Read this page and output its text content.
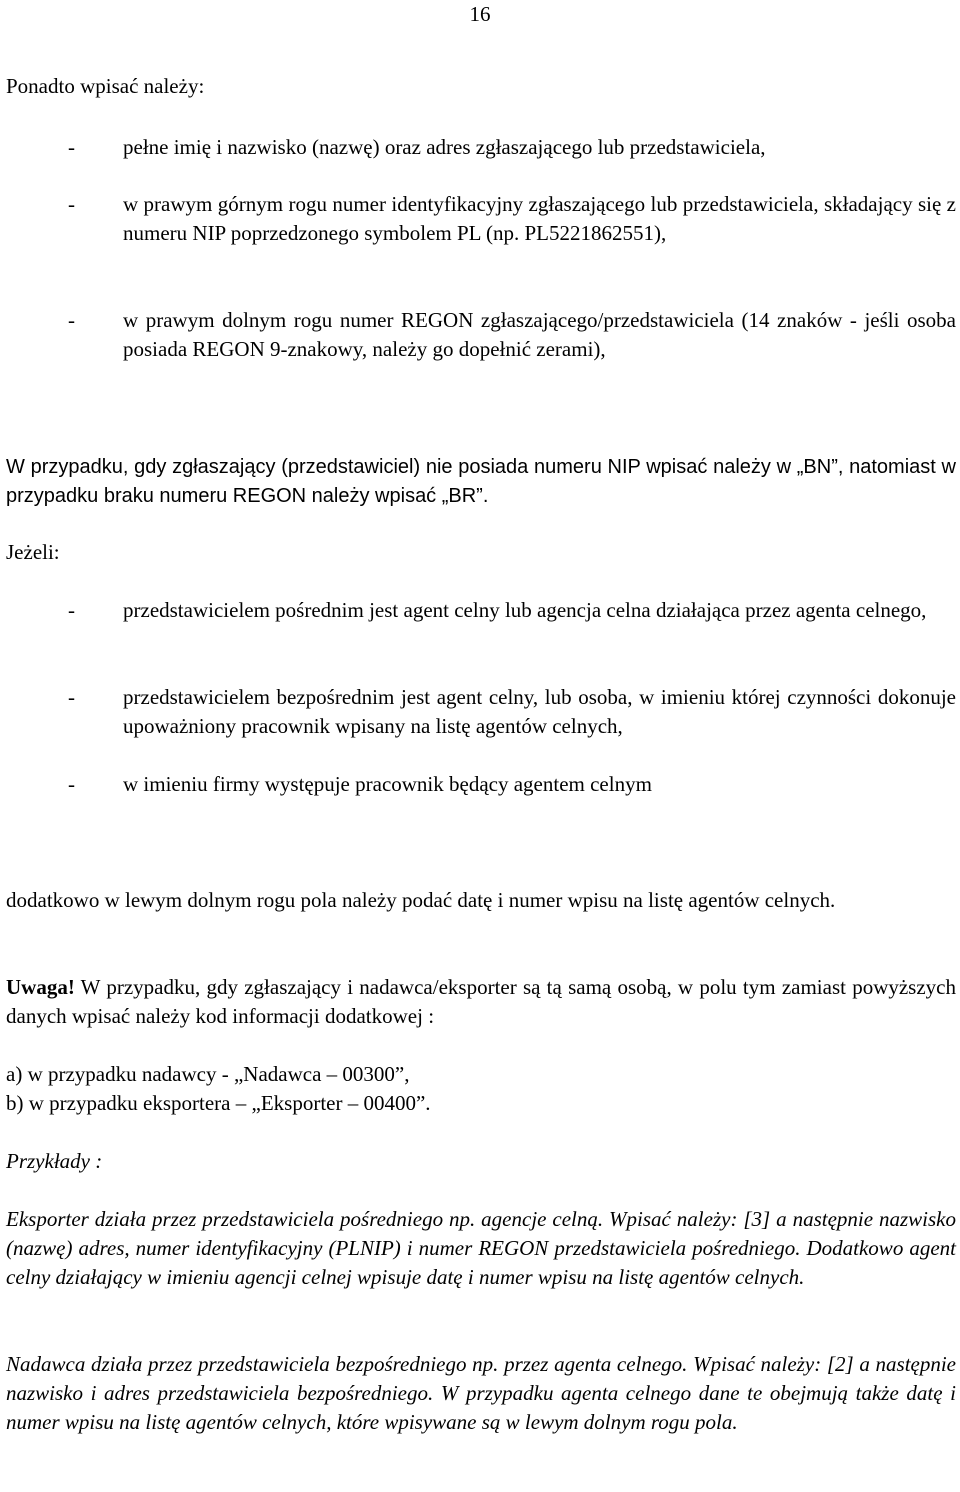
16

Ponadto wpisać należy:

-	pełne imię i nazwisko (nazwę) oraz adres zgłaszającego lub przedstawiciela,

-	w prawym górnym rogu numer identyfikacyjny zgłaszającego lub przedstawiciela, składający się z numeru NIP poprzedzonego symbolem PL (np. PL5221862551),

-	w prawym dolnym rogu numer REGON zgłaszającego/przedstawiciela (14 znaków - jeśli osoba posiada REGON 9-znakowy, należy go dopełnić zerami),

W przypadku, gdy zgłaszający (przedstawiciel) nie posiada numeru NIP wpisać należy w „BN”, natomiast w przypadku braku numeru REGON należy wpisać „BR”.

Jeżeli:

-	przedstawicielem pośrednim jest agent celny lub agencja celna działająca przez agenta celnego,

-	przedstawicielem bezpośrednim jest agent celny, lub osoba, w imieniu której czynności dokonuje upoważniony pracownik wpisany na listę agentów celnych,

-	w imieniu firmy występuje pracownik będący agentem celnym

dodatkowo w lewym dolnym rogu pola należy podać datę i numer wpisu na listę agentów celnych.

Uwaga! W przypadku, gdy zgłaszający i nadawca/eksporter są tą samą osobą, w polu tym zamiast powyższych danych wpisać należy kod informacji dodatkowej :

a) w przypadku nadawcy - „Nadawca – 00300”,

b) w przypadku eksportera – „Eksporter – 00400”.

Przykłady :

Eksporter działa przez przedstawiciela pośredniego np. agencje celną. Wpisać należy: [3] a następnie nazwisko (nazwę) adres, numer identyfikacyjny (PLNIP) i numer REGON przedstawiciela pośredniego. Dodatkowo agent celny działający w imieniu agencji celnej wpisuje datę i numer wpisu na listę agentów celnych.

Nadawca działa przez przedstawiciela bezpośredniego np. przez agenta celnego. Wpisać należy: [2] a następnie nazwisko i adres przedstawiciela bezpośredniego. W przypadku agenta celnego dane te obejmują także datę i numer wpisu na listę agentów celnych, które wpisywane są w lewym dolnym rogu pola.
